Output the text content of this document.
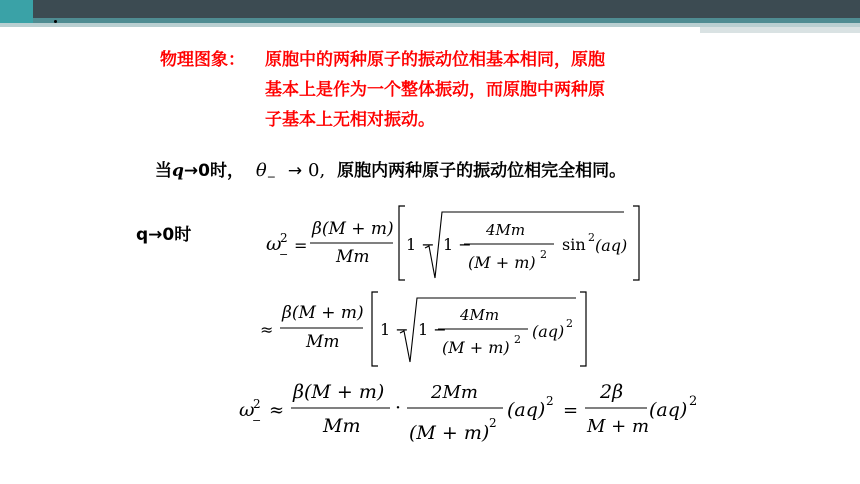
物理图象： 原胞中的两种原子的振动位相基本相同，原胞
基本上是作为一个整体振动，而原胞中两种原
子基本上无相对振动。
当q→0时， $\theta_- \to 0$, 原胞内两种原子的振动位相完全相同。
q→0时	ω
2
− =
β(M + m)
Mm
1 − 1 −
4Mm
(M + m) 2
sin 2 (aq)
≈
β(M + m)
Mm
1 − 1 −
4Mm
(M + m) 2 (aq) 2
ω
2
− ≈
β(M + m)
Mm
·
2Mm
(M + m) 2
(aq) 2 =
2β
M + m
(aq) 2
